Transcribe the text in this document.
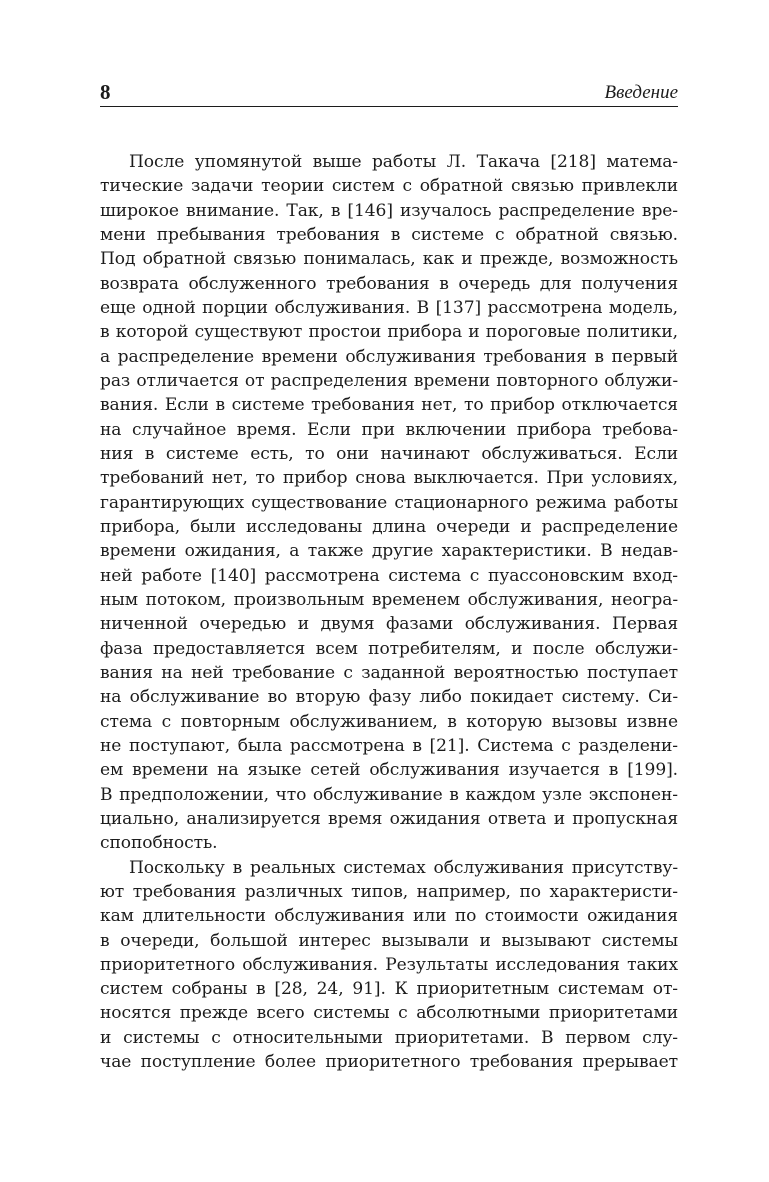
8	Введение
После упомянутой выше работы Л. Такача [218] матема-
тические задачи теории систем с обратной связью привлекли
широкое внимание. Так, в [146] изучалось распределение вре-
мени пребывания требования в системе с обратной связью.
Под обратной связью понималась, как и прежде, возможность
возврата обслуженного требования в очередь для получения
еще одной порции обслуживания. В [137] рассмотрена модель,
в которой существуют простои прибора и пороговые политики,
а распределение времени обслуживания требования в первый
раз отличается от распределения времени повторного облужи-
вания. Если в системе требования нет, то прибор отключается
на случайное время. Если при включении прибора требова-
ния в системе есть, то они начинают обслуживаться. Если
требований нет, то прибор снова выключается. При условиях,
гарантирующих существование стационарного режима работы
прибора, были исследованы длина очереди и распределение
времени ожидания, а также другие характеристики. В недав-
ней работе [140] рассмотрена система с пуассоновским вход-
ным потоком, произвольным временем обслуживания, неогра-
ниченной очередью и двумя фазами обслуживания. Первая
фаза предоставляется всем потребителям, и после обслужи-
вания на ней требование с заданной вероятностью поступает
на обслуживание во вторую фазу либо покидает систему. Си-
стема с повторным обслуживанием, в которую вызовы извне
не поступают, была рассмотрена в [21]. Система с разделени-
ем времени на языке сетей обслуживания изучается в [199].
В предположении, что обслуживание в каждом узле экспонен-
циально, анализируется время ожидания ответа и пропускная
спопобность.
Поскольку в реальных системах обслуживания присутству-
ют требования различных типов, например, по характеристи-
кам длительности обслуживания или по стоимости ожидания
в очереди, большой интерес вызывали и вызывают системы
приоритетного обслуживания. Результаты исследования таких
систем собраны в [28, 24, 91]. К приоритетным системам от-
носятся прежде всего системы с абсолютными приоритетами
и системы с относительными приоритетами. В первом слу-
чае поступление более приоритетного требования прерывает
